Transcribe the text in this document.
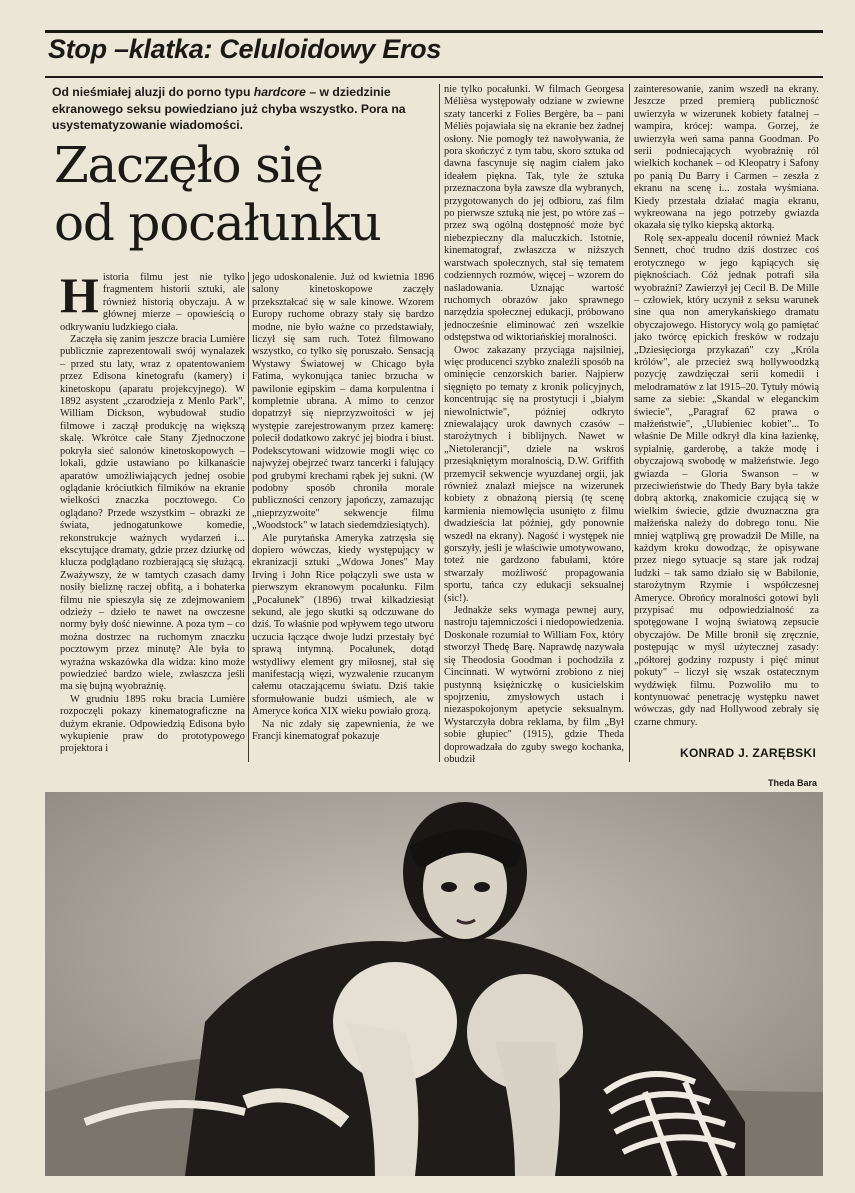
Stop –klatka: Celuloidowy Eros
Od nieśmiałej aluzji do porno typu hardcore – w dziedzinie ekranowego seksu powiedziano już chyba wszystko. Pora na usystematyzowanie wiadomości.
Zaczęło się
od pocałunku

Historia filmu jest nie tylko fragmentem historii sztuki, ale również historią obyczaju. A w głównej mierze – opowieścią o odkrywaniu ludzkiego ciała.

Zaczęła się zanim jeszcze bracia Lumière publicznie zaprezentowali swój wynalazek – przed stu laty, wraz z opatentowaniem przez Edisona kinetografu (kamery) i kinetoskopu (aparatu projekcyjnego). W 1892 asystent „czarodzieja z Menlo Park", William Dickson, wybudował studio filmowe i zaczął produkcję na większą skalę. Wkrótce całe Stany Zjednoczone pokryła sieć salonów kinetoskopowych – lokali, gdzie ustawiano po kilkanaście aparatów umożliwiających jednej osobie oglądanie króciutkich filmików na ekranie wielkości znaczka pocztowego. Co oglądano? Przede wszystkim – obrazki ze świata, jednogatunkowe komedie, rekonstrukcje ważnych wydarzeń i... ekscytujące dramaty, gdzie przez dziurkę od klucza podglądano rozbierającą się służącą. Zważywszy, że w tamtych czasach damy nosiły bieliznę raczej obfitą, a i bohaterka filmu nie spieszyła się ze zdejmowaniem odzieży – dzieło te nawet na owczesne normy były dość niewinne. A poza tym – co można dostrzec na ruchomym znaczku pocztowym przez minutę? Ale była to wyraźna wskazówka dla widza: kino może powiedzieć bardzo wiele, zwłaszcza jeśli ma się bujną wyobraźnię.

W grudniu 1895 roku bracia Lumière rozpoczęli pokazy kinematograficzne na dużym ekranie. Odpowiedzią Edisona było wykupienie praw do prototypowego projektora i

jego udoskonalenie. Już od kwietnia 1896 salony kinetoskopowe zaczęły przekształcać się w sale kinowe. Wzorem Europy ruchome obrazy stały się bardzo modne, nie było ważne co przedstawiały, liczył się sam ruch. Toteż filmowano wszystko, co tylko się poruszało. Sensacją Wystawy Światowej w Chicago była Fatima, wykonująca taniec brzucha w pawilonie egipskim – dama korpulentna i kompletnie ubrana. A mimo to cenzor dopatrzył się nieprzyzwoitości w jej występie zarejestrowanym przez kamerę: polecił dodatkowo zakryć jej biodra i biust. Podekscytowani widzowie mogli więc co najwyżej obejrzeć twarz tancerki i falujący pod grubymi krechami rąbek jej sukni. (W podobny sposób chroniła morale publiczności cenzory japończy, zamazując „nieprzyzwoite" sekwencje filmu „Woodstock" w latach siedemdziesiątych).

Ale purytańska Ameryka zatrzęsła się dopiero wówczas, kiedy występujący w ekranizacji sztuki „Wdowa Jones" May Irving i John Rice połączyli swe usta w pierwszym ekranowym pocałunku. Film „Pocałunek" (1896) trwał kilkadziesiąt sekund, ale jego skutki są odczuwane do dziś. To właśnie pod wpływem tego utworu uczucia łączące dwoje ludzi przestały być sprawą intymną. Pocałunek, dotąd wstydliwy element gry miłosnej, stał się manifestacją więzi, wyzwalenie rzucanym całemu otaczającemu światu. Dziś takie sformułowanie budzi uśmiech, ale w Ameryce końca XIX wieku powiało grozą.

Na nic zdały się zapewnienia, że we Francji kinematograf pokazuje

nie tylko pocałunki. W filmach Georgesa Mélièsa występowały odziane w zwiewne szaty tancerki z Folies Bergère, ba – pani Méliès pojawiała się na ekranie bez żadnej osłony. Nie pomogły też nawoływania, że pora skończyć z tym tabu, skoro sztuka od dawna fascynuje się nagim ciałem jako ideałem piękna. Tak, tyle że sztuka przeznaczona była zawsze dla wybranych, przygotowanych do jej odbioru, zaś film po pierwsze sztuką nie jest, po wtóre zaś – przez swą ogólną dostępność może być niebezpieczny dla maluczkich. Istotnie, kinematograf, zwłaszcza w niższych warstwach społecznych, stał się tematem codziennych rozmów, więcej – wzorem do naśladowania. Uznając wartość ruchomych obrazów jako sprawnego narzędzia społecznej edukacji, próbowano jednocześnie eliminować zeń wszelkie odstępstwa od wiktoriańskiej moralności.

Owoc zakazany przyciąga najsilniej, więc producenci szybko znaleźli sposób na ominięcie cenzorskich barier. Najpierw sięgnięto po tematy z kronik policyjnych, koncentrując się na prostytucji i „białym niewolnictwie", później odkryto zniewalający urok dawnych czasów – starożytnych i biblijnych. Nawet w „Nietolerancji", dziele na wskroś przesiąkniętym moralnością, D.W. Griffith przemycił sekwencje wyuzdanej orgii, jak również znalazł miejsce na wizerunek kobiety z obnażoną piersią (tę scenę karmienia niemowlęcia usunięto z filmu dwadzieścia lat później, gdy ponownie wszedł na ekrany). Nagość i występek nie gorszyły, jeśli je właściwie umotywowano, toteż nie gardzono fabułami, które stwarzały możliwość propagowania sportu, tańca czy edukacji seksualnej (sic!).

Jednakże seks wymaga pewnej aury, nastroju tajemniczości i niedopowiedzenia. Doskonale rozumiał to William Fox, który stworzył Thedę Barę. Naprawdę nazywała się Theodosia Goodman i pochodziła z Cincinnati. W wytwórni zrobiono z niej pustynną księżniczkę o kusicielskim spojrzeniu, zmysłowych ustach i niezaspokojonym apetycie seksualnym. Wystarczyła dobra reklama, by film „Był sobie głupiec" (1915), gdzie Theda doprowadzała do zguby swego kochanka, obudził

zainteresowanie, zanim wszedł na ekrany. Jeszcze przed premierą publiczność uwierzyła w wizerunek kobiety fatalnej – wampira, krócej: wampa. Gorzej, że uwierzyła weń sama panna Goodman. Po serii podniecających wyobraźnię ról wielkich kochanek – od Kleopatry i Safony po panią Du Barry i Carmen – zeszła z ekranu na scenę i... została wyśmiana. Kiedy przestała działać magia ekranu, wykreowana na jego potrzeby gwiazda okazała się tylko kiepską aktorką.

Rolę sex-appealu docenił również Mack Sennett, choć trudno dziś dostrzec coś erotycznego w jego kąpiących się pięknościach. Cóż jednak potrafi siła wyobraźni? Zawierzył jej Cecil B. De Mille – człowiek, który uczynił z seksu warunek sine qua non amerykańskiego dramatu obyczajowego. Historycy wolą go pamiętać jako twórcę epickich fresków w rodzaju „Dziesięciorga przykazań" czy „Króla królów", ale przecież swą hollywoodzką pozycję zawdzięczał serii komedii i melodramatów z lat 1915–20. Tytuły mówią same za siebie: „Skandal w eleganckim świecie", „Paragraf 62 prawa o małżeństwie", „Ulubieniec kobiet"... To właśnie De Mille odkrył dla kina łazienkę, sypialnię, garderobę, a także modę i obyczajową swobodę w małżeństwie. Jego gwiazda – Gloria Swanson – w przeciwieństwie do Thedy Bary była także dobrą aktorką, znakomicie czującą się w wielkim świecie, gdzie dwuznaczna gra małżeńska należy do dobrego tonu. Nie mniej wątpliwą grę prowadził De Mille, na każdym kroku dowodząc, że opisywane przez niego sytuacje są stare jak rodzaj ludzki – tak samo działo się w Babilonie, starożytnym Rzymie i współczesnej Ameryce. Obrońcy moralności gotowi byli przypisać mu odpowiedzialność za spotęgowane I wojną światową zepsucie obyczajów. De Mille bronił się zręcznie, postępując w myśl użytecznej zasady: „półtorej godziny rozpusty i pięć minut pokuty" – liczył się wszak ostatecznym wydźwięk filmu. Pozwoliło mu to kontynuować penetrację występku nawet wówczas, gdy nad Hollywood zebrały się czarne chmury.

KONRAD J. ZARĘBSKI
Theda Bara
